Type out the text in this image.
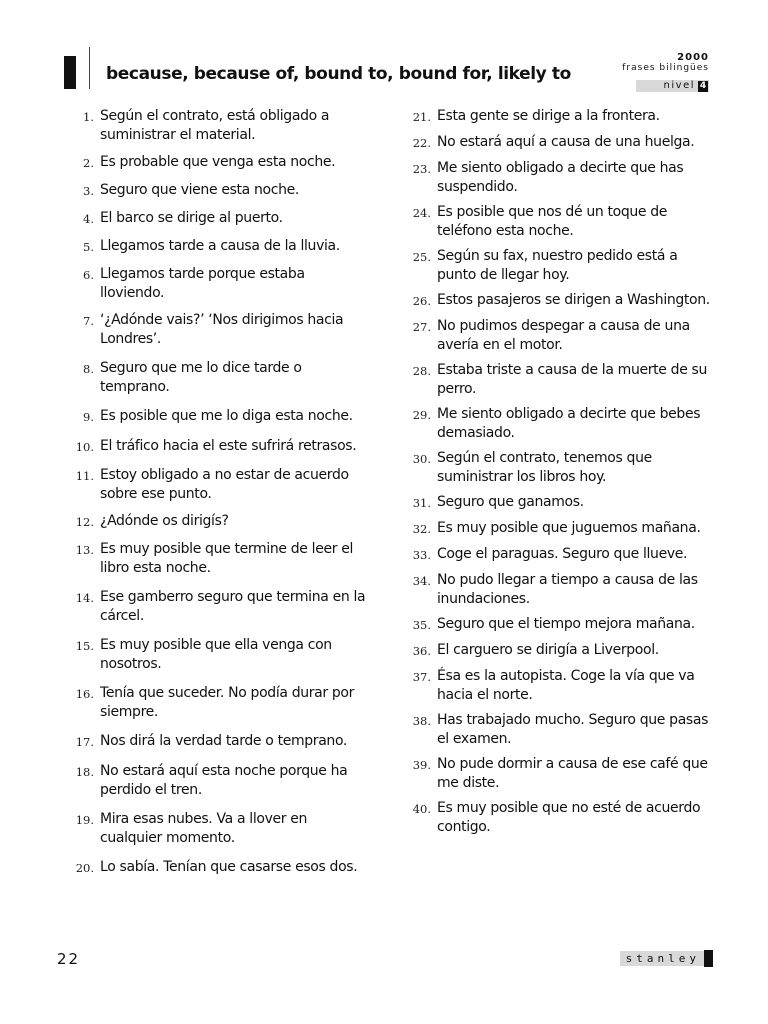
because, because of, bound to, bound for, likely to
2000
frases bilingües
nivel 4
1. Según el contrato, está obligado a suministrar el material.
2. Es probable que venga esta noche.
3. Seguro que viene esta noche.
4. El barco se dirige al puerto.
5. Llegamos tarde a causa de la lluvia.
6. Llegamos tarde porque estaba lloviendo.
7. ‘¿Adónde vais?’ ‘Nos dirigimos hacia Londres’.
8. Seguro que me lo dice tarde o temprano.
9. Es posible que me lo diga esta noche.
10. El tráfico hacia el este sufrirá retrasos.
11. Estoy obligado a no estar de acuerdo sobre ese punto.
12. ¿Adónde os dirigís?
13. Es muy posible que termine de leer el libro esta noche.
14. Ese gamberro seguro que termina en la cárcel.
15. Es muy posible que ella venga con nosotros.
16. Tenía que suceder. No podía durar por siempre.
17. Nos dirá la verdad tarde o temprano.
18. No estará aquí esta noche porque ha perdido el tren.
19. Mira esas nubes. Va a llover en cualquier momento.
20. Lo sabía. Tenían que casarse esos dos.
21. Esta gente se dirige a la frontera.
22. No estará aquí a causa de una huelga.
23. Me siento obligado a decirte que has suspendido.
24. Es posible que nos dé un toque de teléfono esta noche.
25. Según su fax, nuestro pedido está a punto de llegar hoy.
26. Estos pasajeros se dirigen a Washington.
27. No pudimos despegar a causa de una avería en el motor.
28. Estaba triste a causa de la muerte de su perro.
29. Me siento obligado a decirte que bebes demasiado.
30. Según el contrato, tenemos que suministrar los libros hoy.
31. Seguro que ganamos.
32. Es muy posible que juguemos mañana.
33. Coge el paraguas. Seguro que llueve.
34. No pudo llegar a tiempo a causa de las inundaciones.
35. Seguro que el tiempo mejora mañana.
36. El carguero se dirigía a Liverpool.
37. Ésa es la autopista. Coge la vía que va hacia el norte.
38. Has trabajado mucho. Seguro que pasas el examen.
39. No pude dormir a causa de ese café que me diste.
40. Es muy posible que no esté de acuerdo contigo.
22	stanley
